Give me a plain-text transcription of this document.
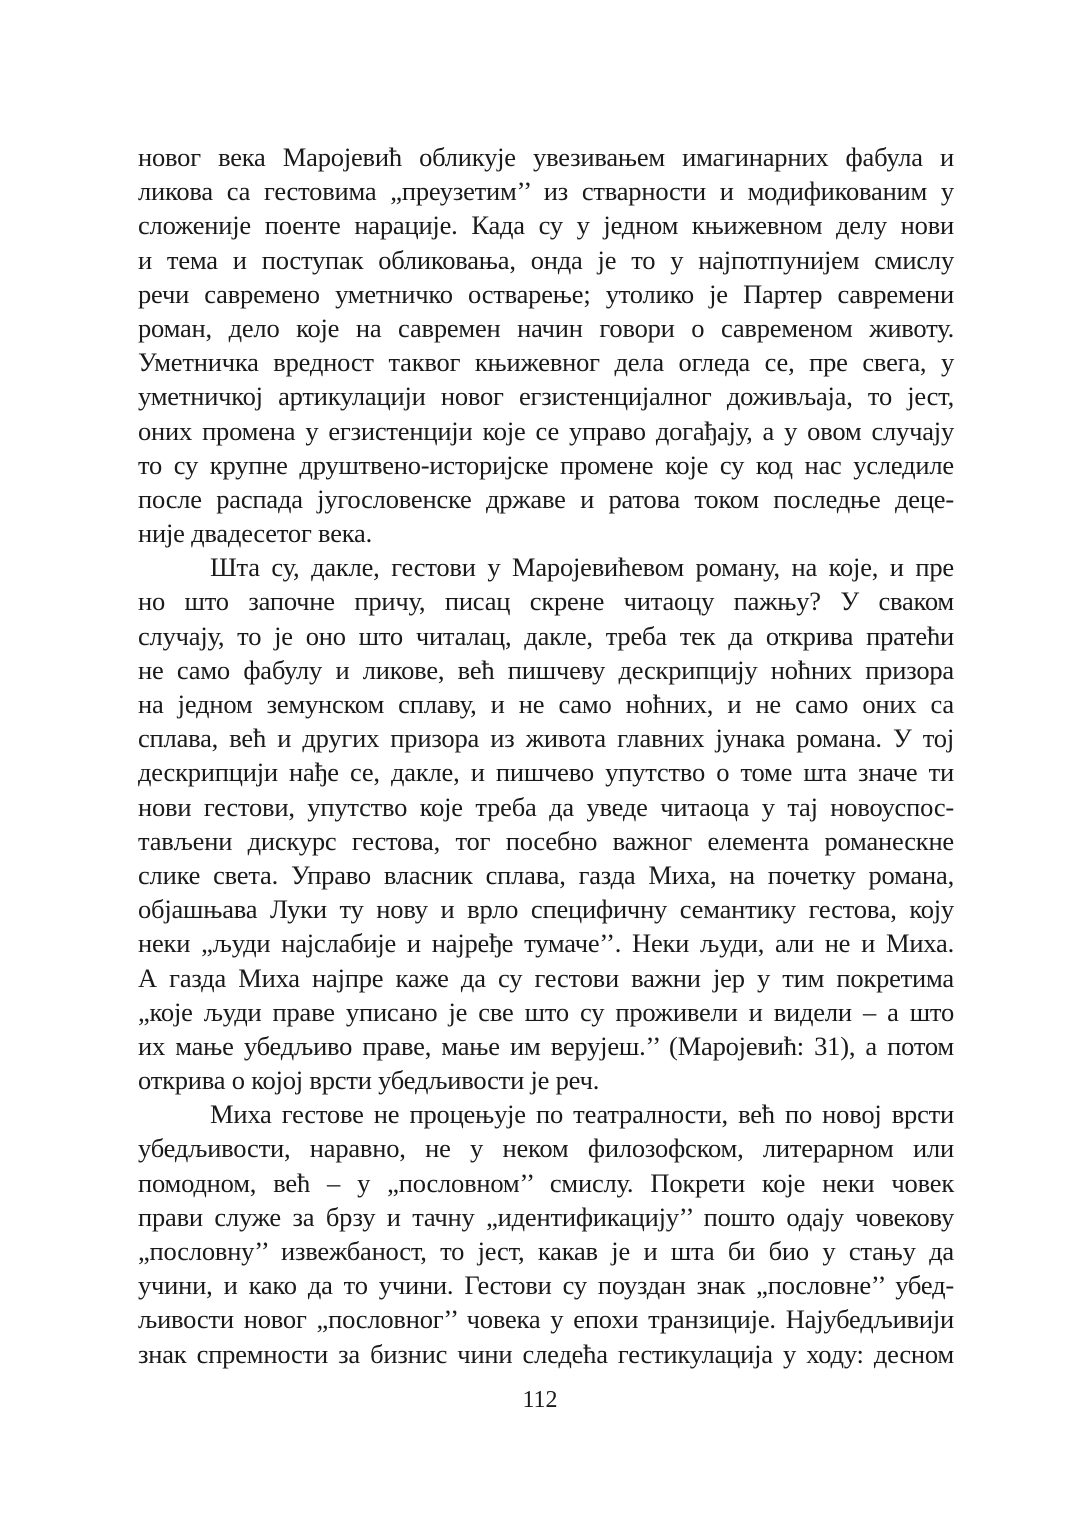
новог века Маројевић обликује увезивањем имагинарних фабула и
ликова са гестовима „преузетим’’ из стварности и модификованим у
сложеније поенте нарације. Када су у једном књижевном делу нови
и тема и поступак обликовања, онда је то у најпотпунијем смислу
речи савремено уметничко остварење; утолико је Партер савремени
роман, дело које на савремен начин говори о савременом животу.
Уметничка вредност таквог књижевног дела огледа се, пре свега, у
уметничкој артикулацији новог егзистенцијалног доживљаја, то јест,
оних промена у егзистенцији које се управо догађају, а у овом случају
то су крупне друштвено-историјске промене које су код нас уследиле
после распада југословенске државе и ратова током последње деце-
није двадесетог века.
Шта су, дакле, гестови у Маројевићевом роману, на које, и пре
но што започне причу, писац скрене читаоцу пажњу? У сваком
случају, то је оно што читалац, дакле, треба тек да открива пратећи
не само фабулу и ликове, већ пишчеву дескрипцију ноћних призора
на једном земунском сплаву, и не само ноћних, и не само оних са
сплава, већ и других призора из живота главних јунака романа. У тој
дескрипцији нађе се, дакле, и пишчево упутство о томе шта значе ти
нови гестови, упутство које треба да уведе читаоца у тај новоуспос-
тављени дискурс гестова, тог посебно важног елемента романескне
слике света. Управо власник сплава, газда Миха, на почетку романа,
објашњава Луки ту нову и врло специфичну семантику гестова, коју
неки „људи најслабије и најређе тумаче’’. Неки људи, али не и Миха.
А газда Миха најпре каже да су гестови важни јер у тим покретима
„које људи праве уписано је све што су проживели и видели – а што
их мање убедљиво праве, мање им верујеш.’’ (Маројевић: 31), а потом
открива о којој врсти убедљивости је реч.
Миха гестове не процењује по театралности, већ по новој врсти
убедљивости, наравно, не у неком филозофском, литерарном или
помодном, већ – у „пословном’’ смислу. Покрети које неки човек
прави служе за брзу и тачну „идентификацију’’ пошто одају човекову
„пословну’’ извежбаност, то јест, какав је и шта би био у стању да
учини, и како да то учини. Гестови су поуздан знак „пословне’’ убед-
љивости новог „пословног’’ човека у епохи транзиције. Најубедљивији
знак спремности за бизнис чини следећа гестикулација у ходу: десном
112
